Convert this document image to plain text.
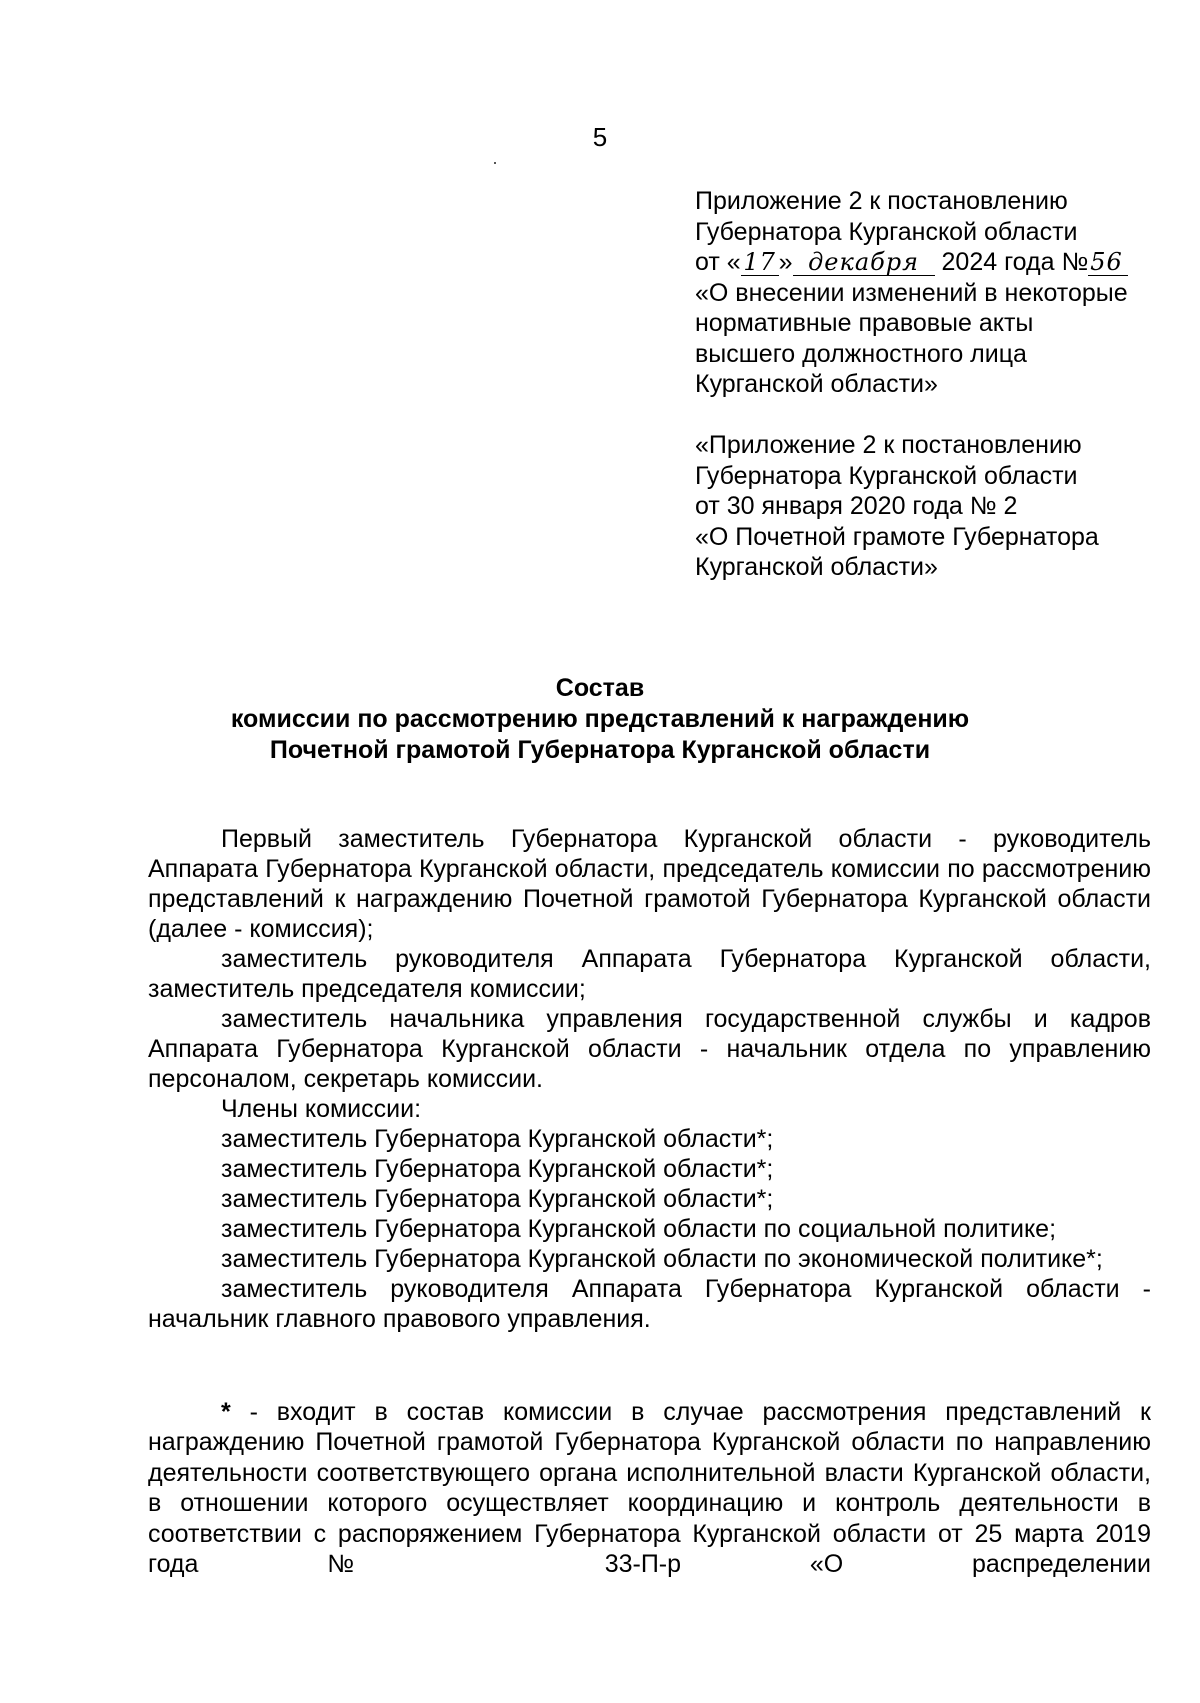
5
Приложение 2 к постановлению
Губернатора Курганской области
от « 17 » декабря 2024 года №56
«О внесении изменений в некоторые
нормативные правовые акты
высшего должностного лица
Курганской области»
«Приложение 2 к постановлению
Губернатора Курганской области
от 30 января 2020 года № 2
«О Почетной грамоте Губернатора
Курганской области»
Состав
комиссии по рассмотрению представлений к награждению
Почетной грамотой Губернатора Курганской области

Первый заместитель Губернатора Курганской области - руководитель Аппарата Губернатора Курганской области, председатель комиссии по рассмотрению представлений к награждению Почетной грамотой Губернатора Курганской области (далее - комиссия);

заместитель руководителя Аппарата Губернатора Курганской области, заместитель председателя комиссии;

заместитель начальника управления государственной службы и кадров Аппарата Губернатора Курганской области - начальник отдела по управлению персоналом, секретарь комиссии.

Члены комиссии:

заместитель Губернатора Курганской области*;

заместитель Губернатора Курганской области*;

заместитель Губернатора Курганской области*;

заместитель Губернатора Курганской области по социальной политике;

заместитель Губернатора Курганской области по экономической политике*;

заместитель руководителя Аппарата Губернатора Курганской области - начальник главного правового управления.

* - входит в состав комиссии в случае рассмотрения представлений к награждению Почетной грамотой Губернатора Курганской области по направлению деятельности соответствующего органа исполнительной власти Курганской области, в отношении которого осуществляет координацию и контроль деятельности в соответствии с распоряжением Губернатора Курганской области от 25 марта 2019 года № 33-П-р «О распределении
